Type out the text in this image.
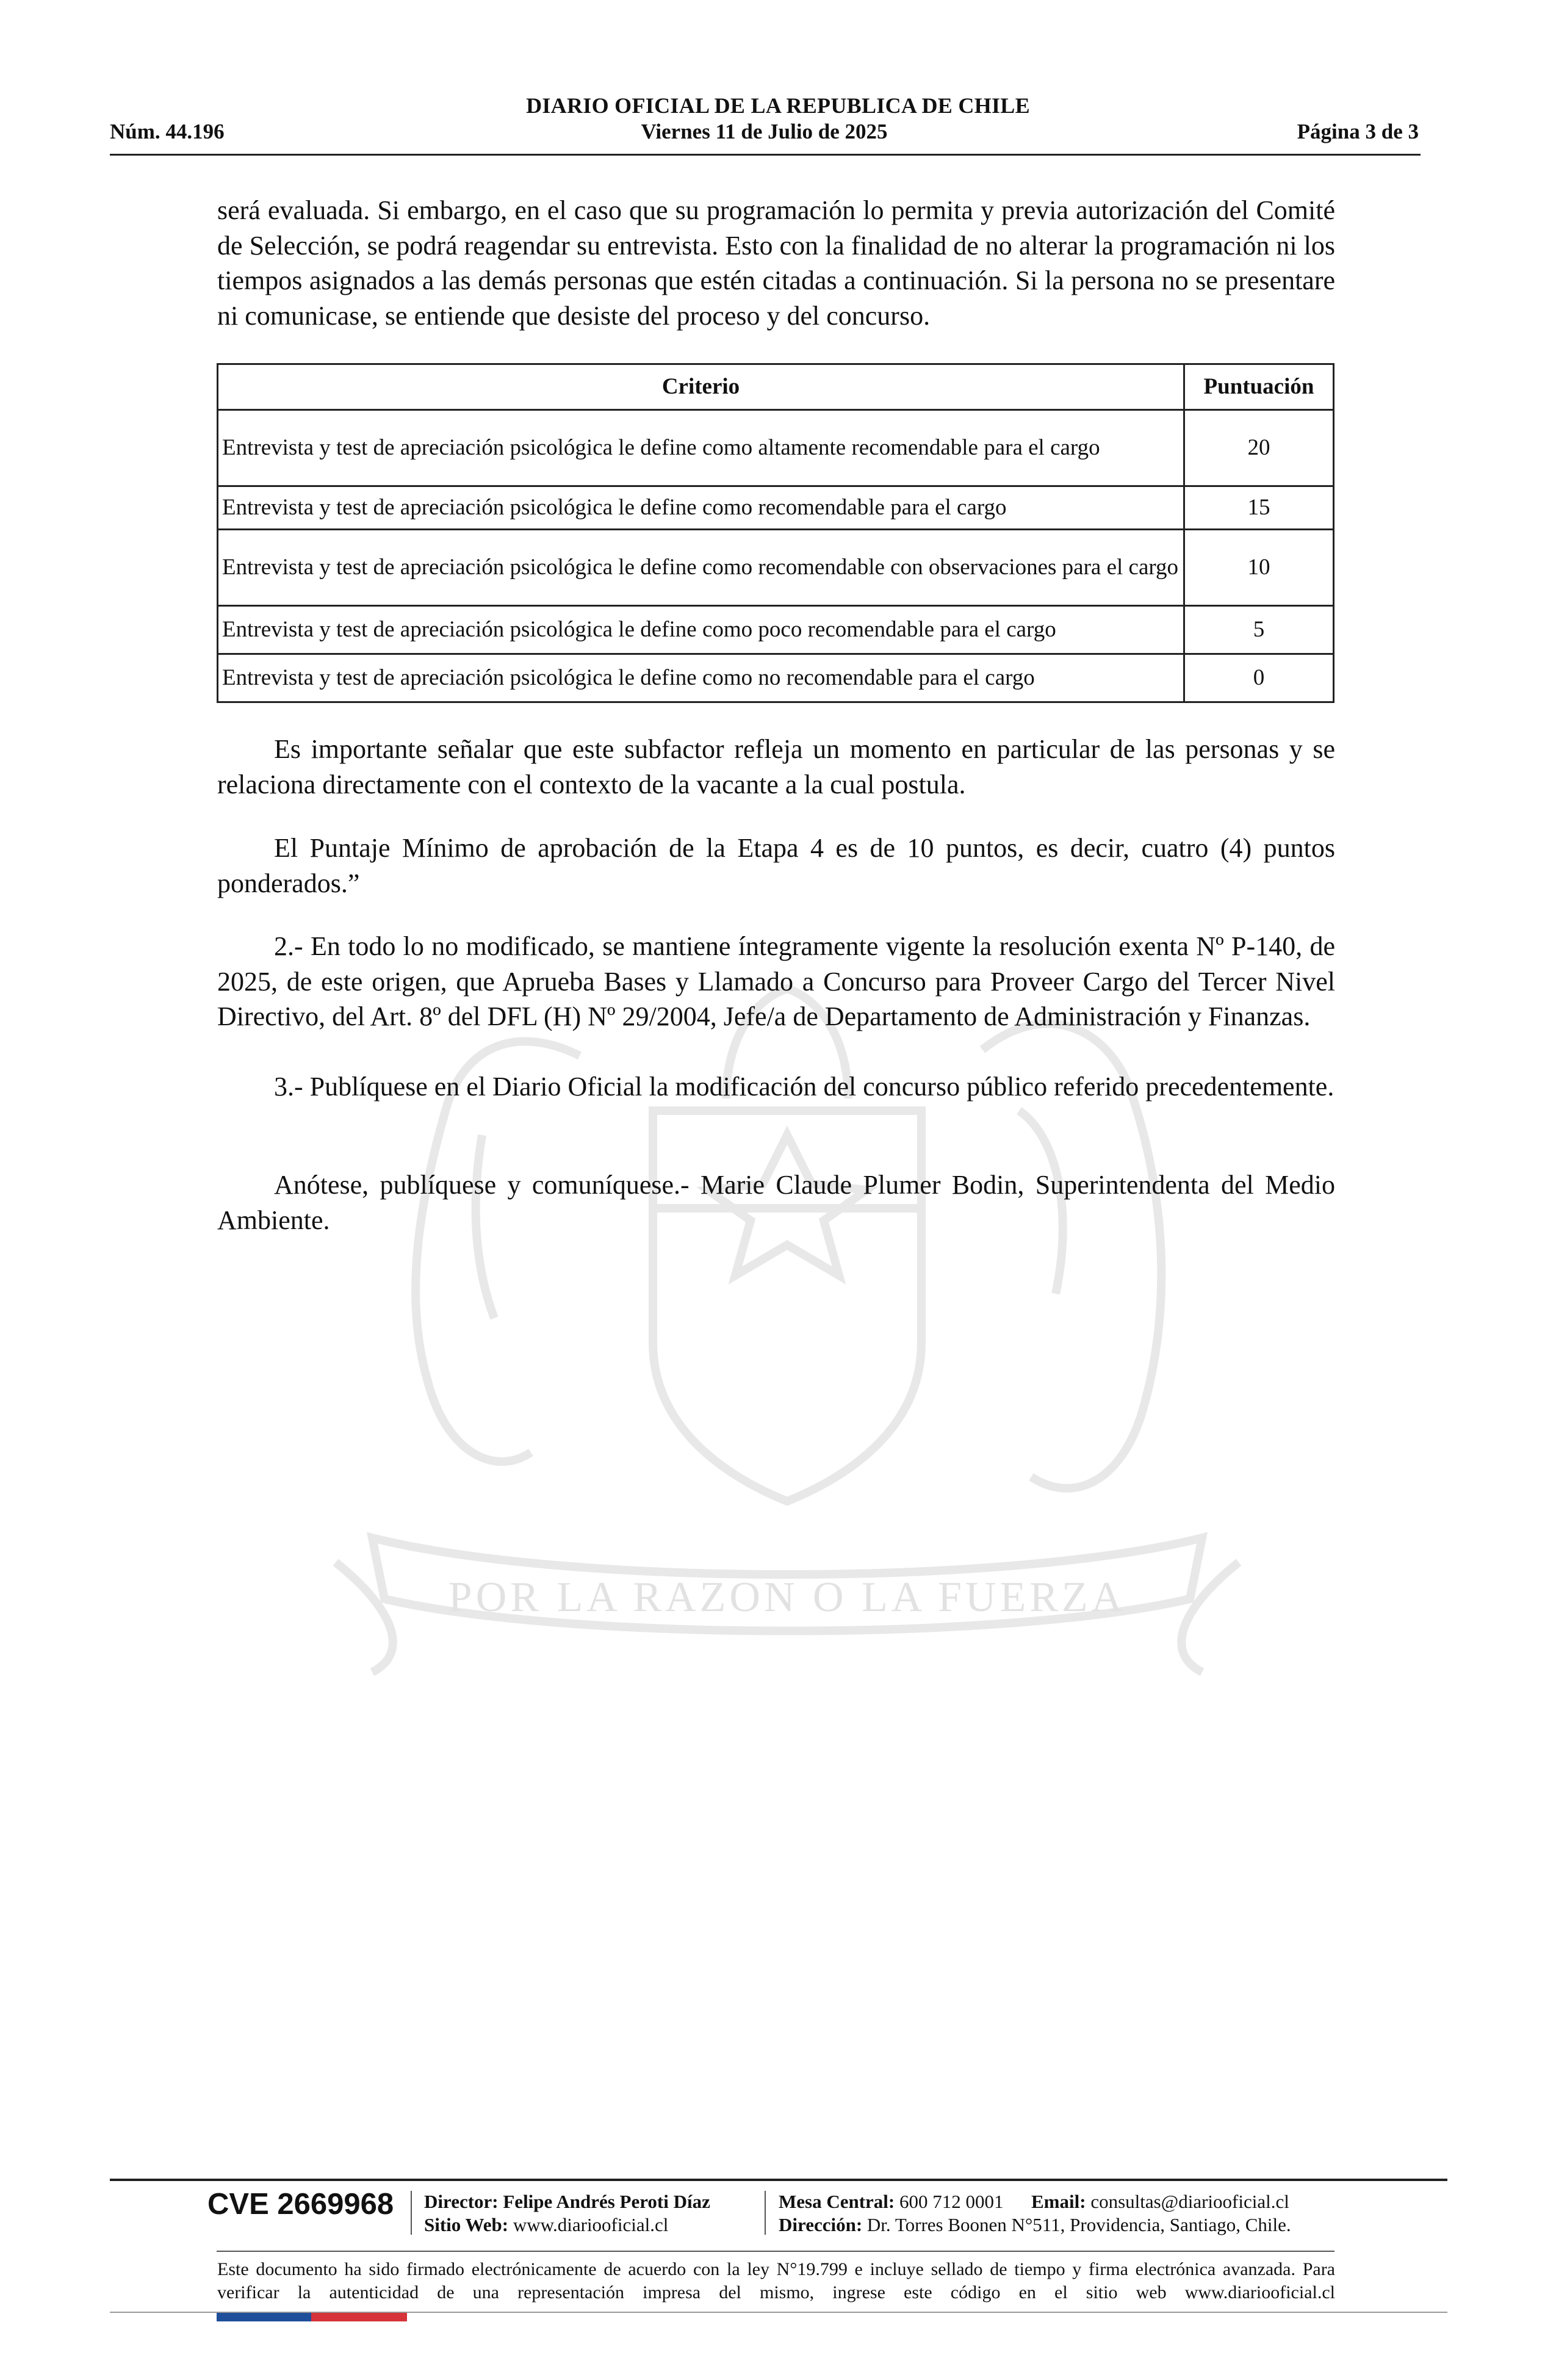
POR LA RAZON O LA FUERZA
DIARIO OFICIAL DE LA REPUBLICA DE CHILE
Núm. 44.196	Viernes 11 de Julio de 2025	Página 3 de 3
será evaluada. Si embargo, en el caso que su programación lo permita y previa autorización del Comité de Selección, se podrá reagendar su entrevista. Esto con la finalidad de no alterar la programación ni los tiempos asignados a las demás personas que estén citadas a continuación. Si la persona no se presentare ni comunicase, se entiende que desiste del proceso y del concurso.
Criterio	Puntuación
Entrevista y test de apreciación psicológica le define como altamente recomendable para el cargo	20
Entrevista y test de apreciación psicológica le define como recomendable para el cargo	15
Entrevista y test de apreciación psicológica le define como recomendable con observaciones para el cargo	10
Entrevista y test de apreciación psicológica le define como poco recomendable para el cargo	5
Entrevista y test de apreciación psicológica le define como no recomendable para el cargo	0
Es importante señalar que este subfactor refleja un momento en particular de las personas y se relaciona directamente con el contexto de la vacante a la cual postula.
El Puntaje Mínimo de aprobación de la Etapa 4 es de 10 puntos, es decir, cuatro (4) puntos ponderados.”
2.- En todo lo no modificado, se mantiene íntegramente vigente la resolución exenta Nº P-140, de 2025, de este origen, que Aprueba Bases y Llamado a Concurso para Proveer Cargo del Tercer Nivel Directivo, del Art. 8º del DFL (H) Nº 29/2004, Jefe/a de Departamento de Administración y Finanzas.
3.- Publíquese en el Diario Oficial la modificación del concurso público referido precedentemente.
Anótese, publíquese y comuníquese.- Marie Claude Plumer Bodin, Superintendenta del Medio Ambiente.
CVE 2669968 Director: Felipe Andrés Peroti Díaz
Sitio Web: www.diariooficial.cl
Mesa Central: 600 712 0001 Email: consultas@diariooficial.cl
Dirección: Dr. Torres Boonen N°511, Providencia, Santiago, Chile.
Este documento ha sido firmado electrónicamente de acuerdo con la ley N°19.799 e incluye sellado de tiempo y firma electrónica avanzada. Para verificar la autenticidad de una representación impresa del mismo, ingrese este código en el sitio web www.diariooficial.cl
